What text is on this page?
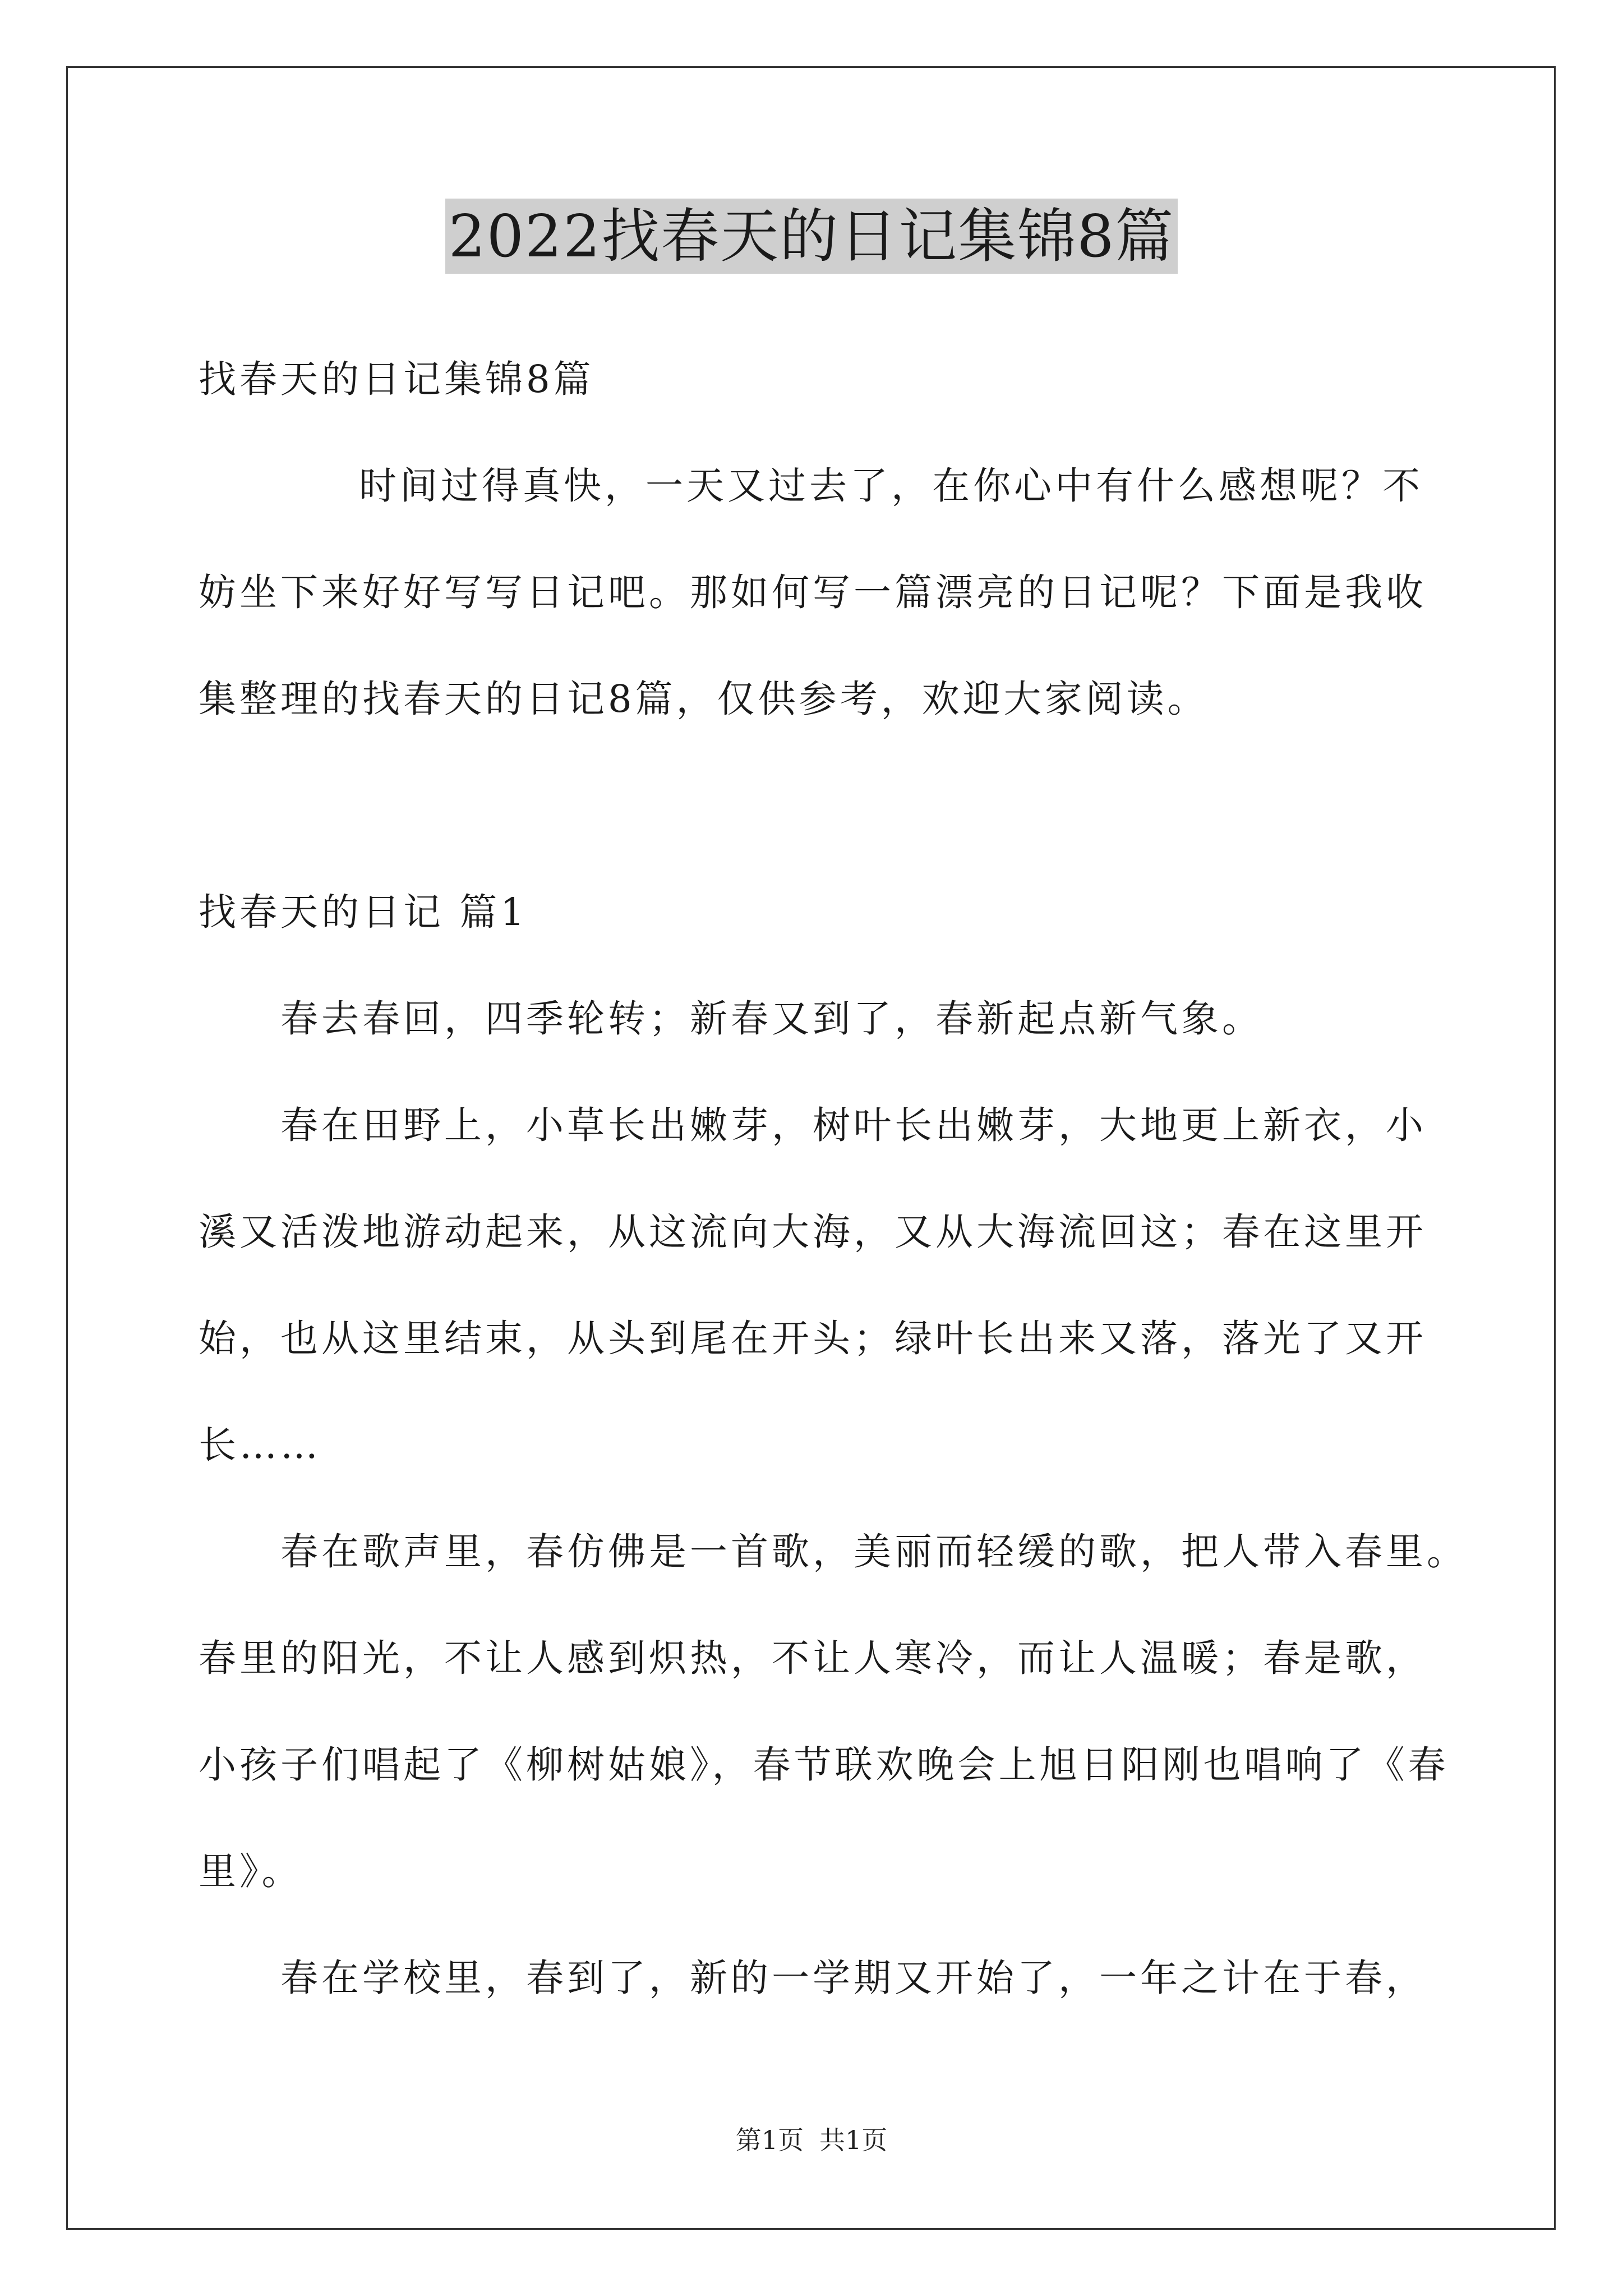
2022找春天的日记集锦8篇
找春天的日记集锦8篇
时间过得真快，一天又过去了，在你心中有什么感想呢？不
妨坐下来好好写写日记吧。那如何写一篇漂亮的日记呢？下面是我收
集整理的找春天的日记8篇，仅供参考，欢迎大家阅读。
找春天的日记 篇1
春去春回，四季轮转；新春又到了，春新起点新气象。
春在田野上，小草长出嫩芽，树叶长出嫩芽，大地更上新衣，小
溪又活泼地游动起来，从这流向大海，又从大海流回这；春在这里开
始，也从这里结束，从头到尾在开头；绿叶长出来又落，落光了又开
长……
春在歌声里，春仿佛是一首歌，美丽而轻缓的歌，把人带入春里。
春里的阳光，不让人感到炽热，不让人寒冷，而让人温暖；春是歌，
小孩子们唱起了《柳树姑娘》，春节联欢晚会上旭日阳刚也唱响了《春
里》。
春在学校里，春到了，新的一学期又开始了，一年之计在于春，
第1页 共1页
